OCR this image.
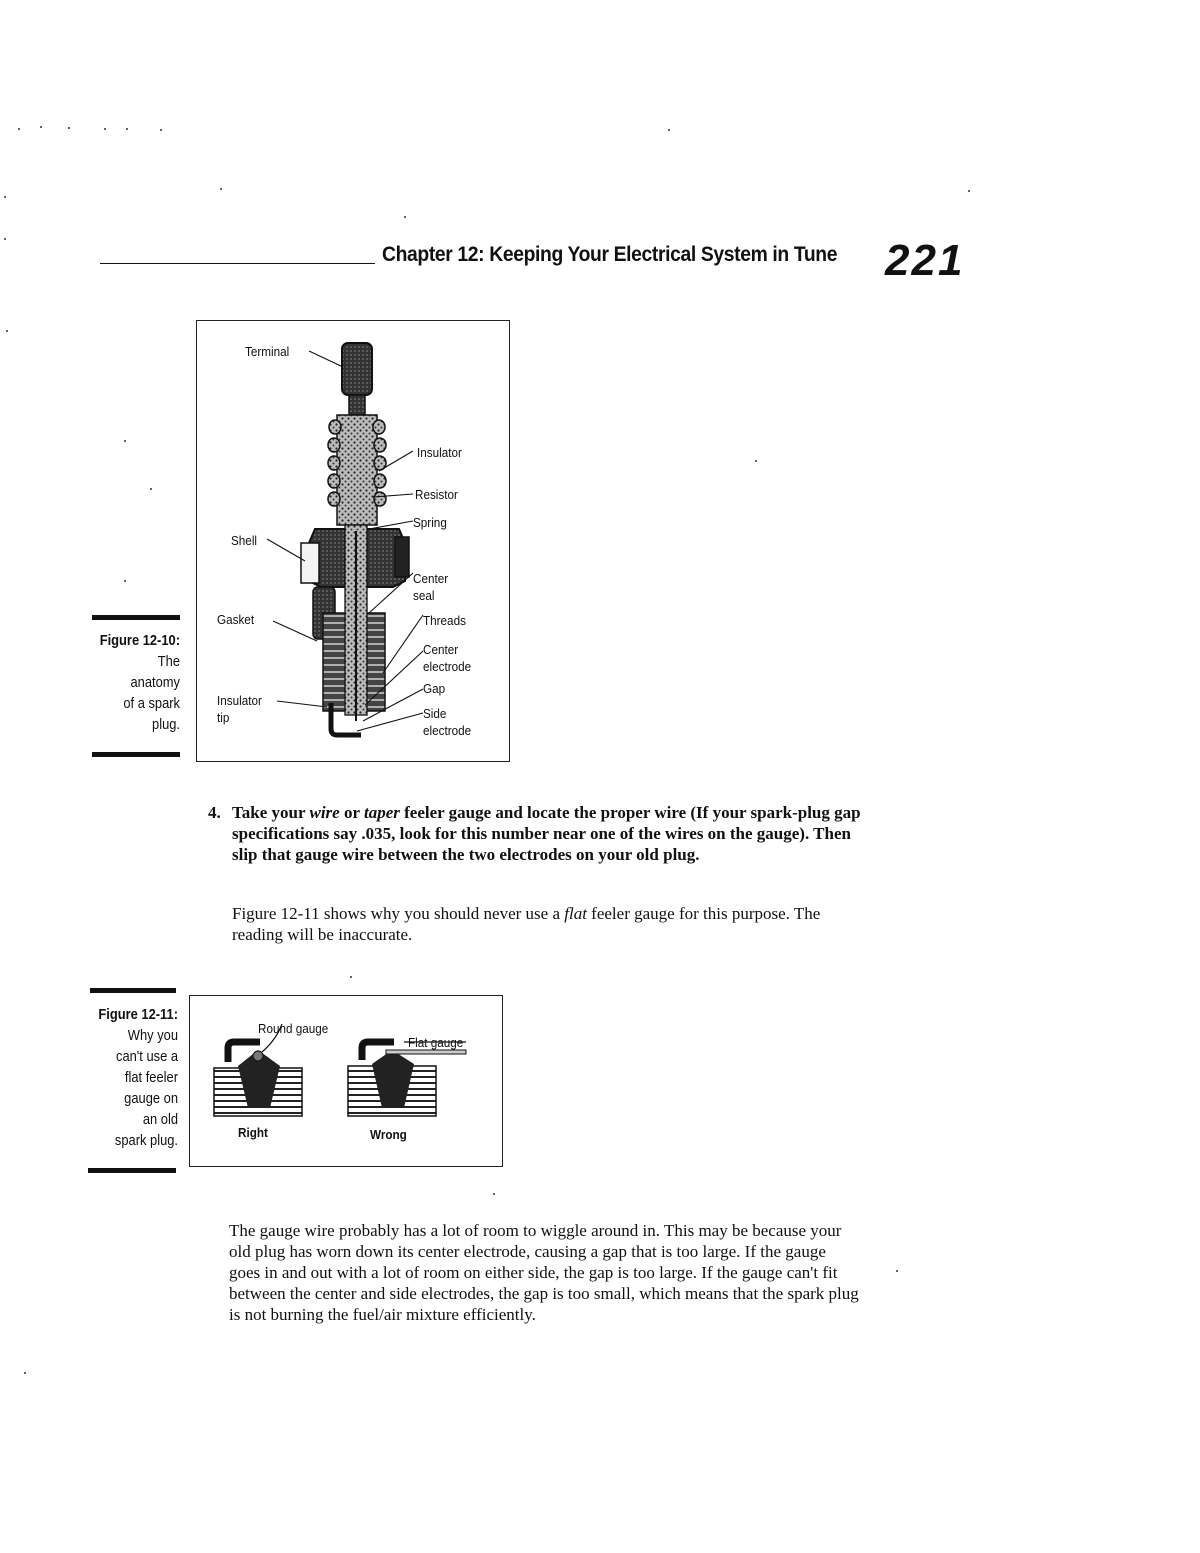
Chapter 12: Keeping Your Electrical System in Tune 221
Figure 12-10:
The
anatomy
of a spark
plug.
Terminal
Insulator
Resistor
Spring
Shell
Center
seal
Gasket	Threads
Center
electrode
Insulator
tip
Gap
Side
electrode
4. Take your wire or taper feeler gauge and locate the proper wire (If your spark-plug gap specifications say .035, look for this number near one of the wires on the gauge). Then slip that gauge wire between the two electrodes on your old plug.
Figure 12-11 shows why you should never use a flat feeler gauge for this purpose. The reading will be inaccurate.
Figure 12-11:
Why you
can't use a
flat feeler
gauge on
an old
spark plug.
Round gauge
Flat gauge
Right	Wrong
The gauge wire probably has a lot of room to wiggle around in. This may be because your old plug has worn down its center electrode, causing a gap that is too large. If the gauge goes in and out with a lot of room on either side, the gap is too large. If the gauge can't fit between the center and side electrodes, the gap is too small, which means that the spark plug is not burning the fuel/air mixture efficiently.
